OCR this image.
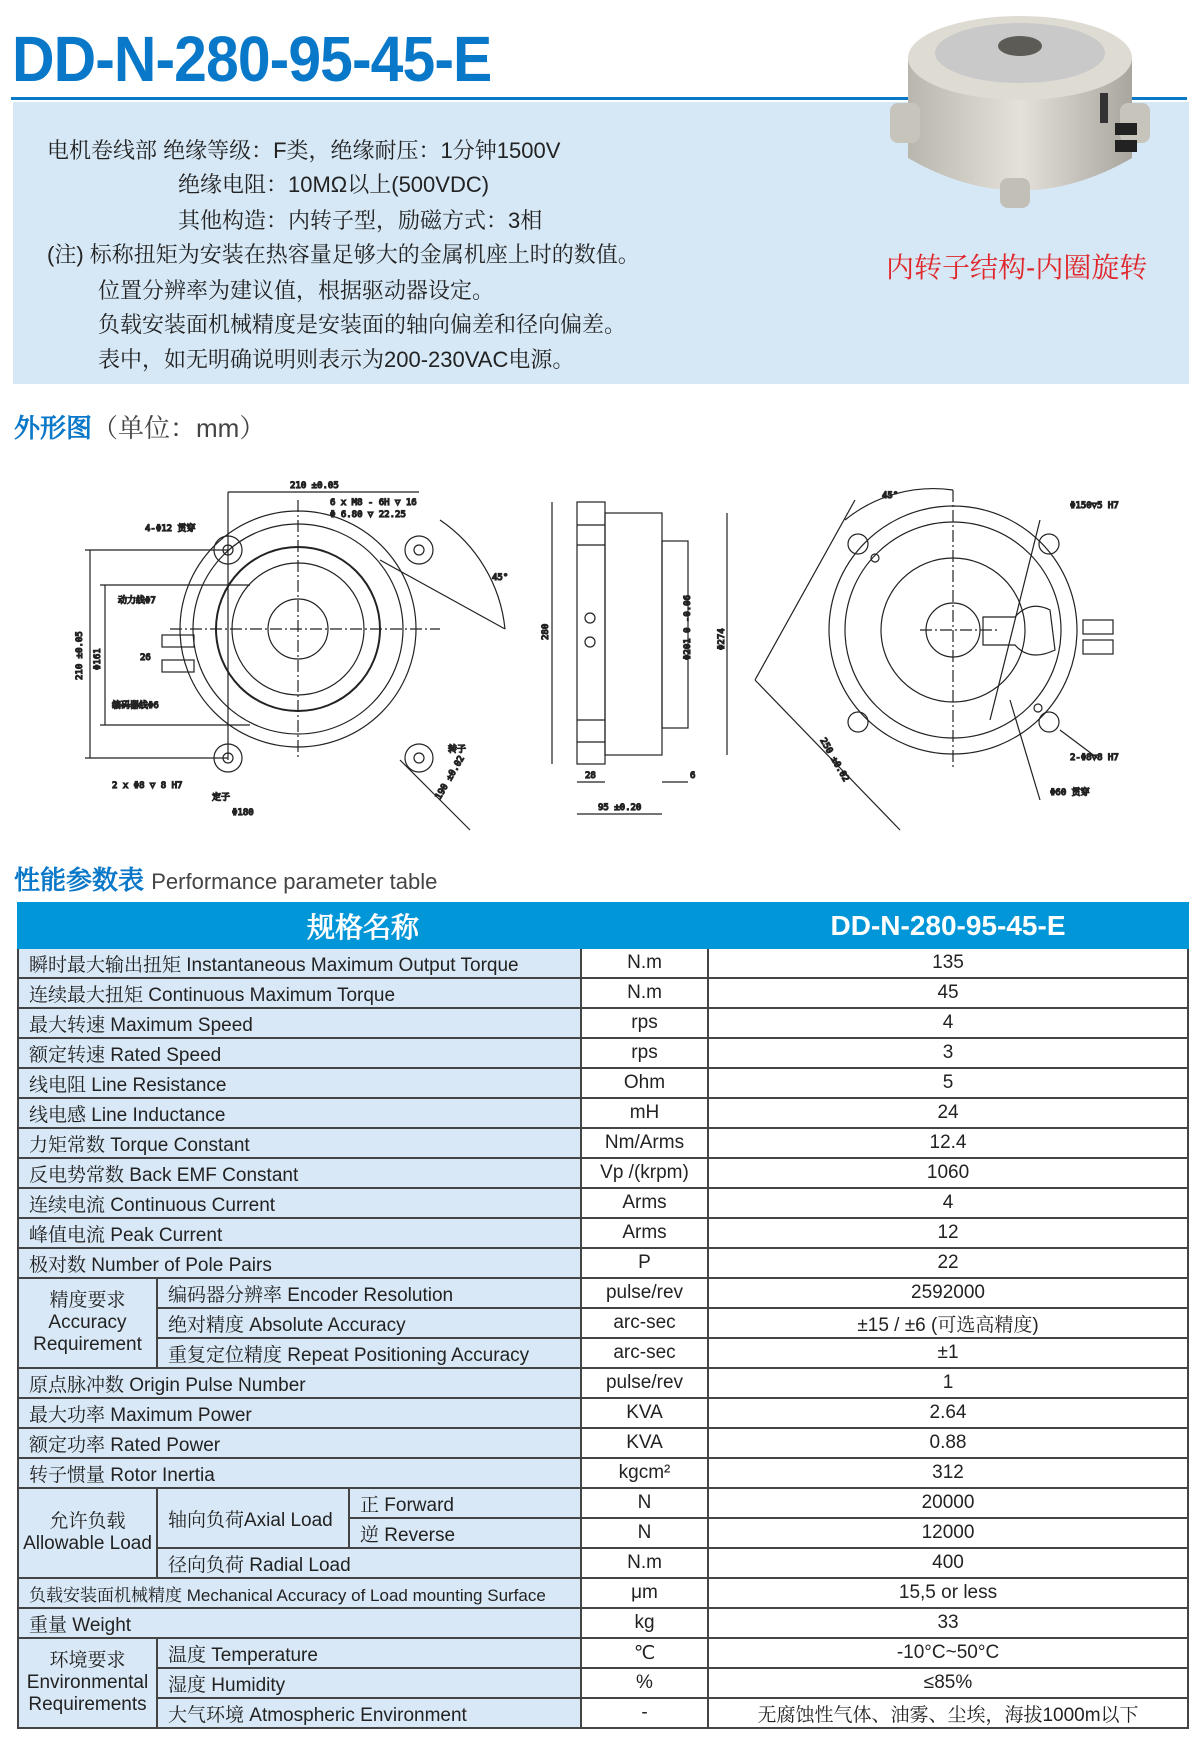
DD-N-280-95-45-E
电机卷线部 绝缘等级：F类，绝缘耐压：1分钟1500V
绝缘电阻：10MΩ以上(500VDC)
其他构造：内转子型，励磁方式：3相
(注) 标称扭矩为安装在热容量足够大的金属机座上时的数值。
位置分辨率为建议值，根据驱动器设定。
负载安装面机械精度是安装面的轴向偏差和径向偏差。
表中，如无明确说明则表示为200-230VAC电源。
内转子结构-内圈旋转
外形图（单位：mm）
210 ±0.05
6 x M8 - 6H ▽ 16
Φ 6.80 ▽ 22.25
4-Φ12 贯穿
动力线Φ7
编码器线Φ6
26
Φ161
210 ±0.05
2 x Φ8 ▽ 8 H7
定子
Φ180
转子
190 ±0.02
45°
280	Φ201 0 -0.06	Φ274
28	6
95 ±0.20
Φ150▽5 H7
45°
2-Φ8▽8 H7
Φ60 贯穿
250 ±0.02
性能参数表 Performance parameter table
规格名称				DD-N-280-95-45-E
瞬时最大输出扭矩 Instantaneous Maximum Output Torque			N.m	135
连续最大扭矩 Continuous Maximum Torque			N.m	45
最大转速 Maximum Speed			rps	4
额定转速 Rated Speed			rps	3
线电阻 Line Resistance			Ohm	5
线电感 Line Inductance			mH	24
力矩常数 Torque Constant			Nm/Arms	12.4
反电势常数 Back EMF Constant			Vp /(krpm)	1060
连续电流 Continuous Current			Arms	4
峰值电流 Peak Current			Arms	12
极对数 Number of Pole Pairs			P	22
精度要求 Accuracy Requirement	编码器分辨率 Encoder Resolution		pulse/rev	2592000
	绝对精度 Absolute Accuracy		arc-sec	±15 / ±6 (可选高精度)
	重复定位精度 Repeat Positioning Accuracy		arc-sec	±1
原点脉冲数 Origin Pulse Number			pulse/rev	1
最大功率 Maximum Power			KVA	2.64
额定功率 Rated Power			KVA	0.88
转子惯量 Rotor Inertia			kgcm²	312
允许负载 Allowable Load	轴向负荷Axial Load	正 Forward	N	20000
		逆 Reverse	N	12000
	径向负荷 Radial Load		N.m	400
负载安装面机械精度 Mechanical Accuracy of Load mounting Surface			μm	15,5 or less
重量 Weight			kg	33
环境要求 Environmental Requirements	温度 Temperature		℃	-10°C~50°C
	湿度 Humidity		%	≤85%
	大气环境 Atmospheric Environment		-	无腐蚀性气体、油雾、尘埃，海拔1000m以下
